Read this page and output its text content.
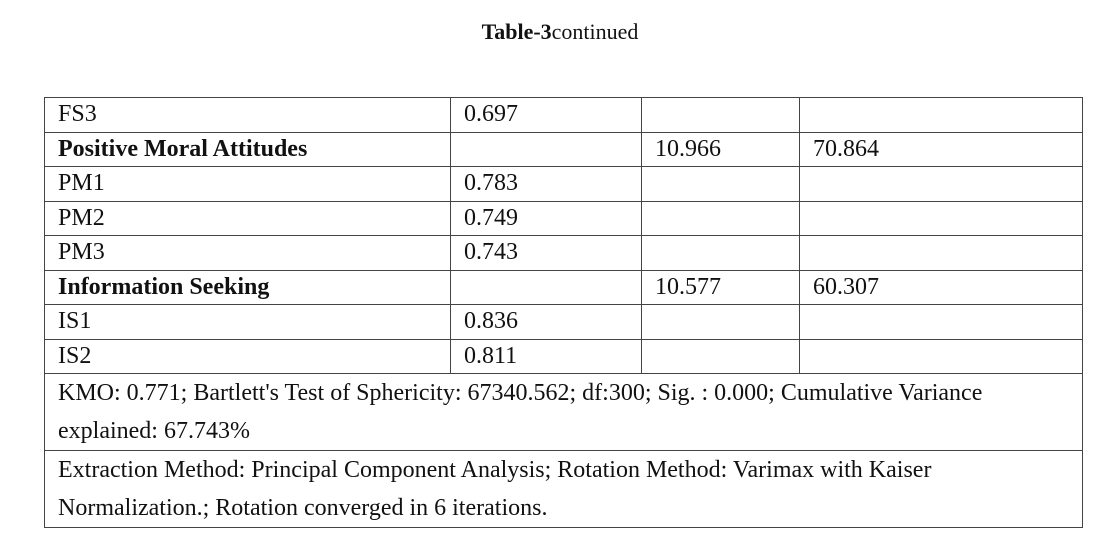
Table-3continued
FS3	0.697		
Positive Moral Attitudes		10.966	70.864
PM1	0.783		
PM2	0.749		
PM3	0.743		
Information Seeking		10.577	60.307
IS1	0.836		
IS2	0.811		
KMO: 0.771; Bartlett's Test of Sphericity: 67340.562; df:300; Sig. : 0.000; Cumulative Variance explained: 67.743%			
Extraction Method: Principal Component Analysis; Rotation Method: Varimax with Kaiser Normalization.; Rotation converged in 6 iterations.			
